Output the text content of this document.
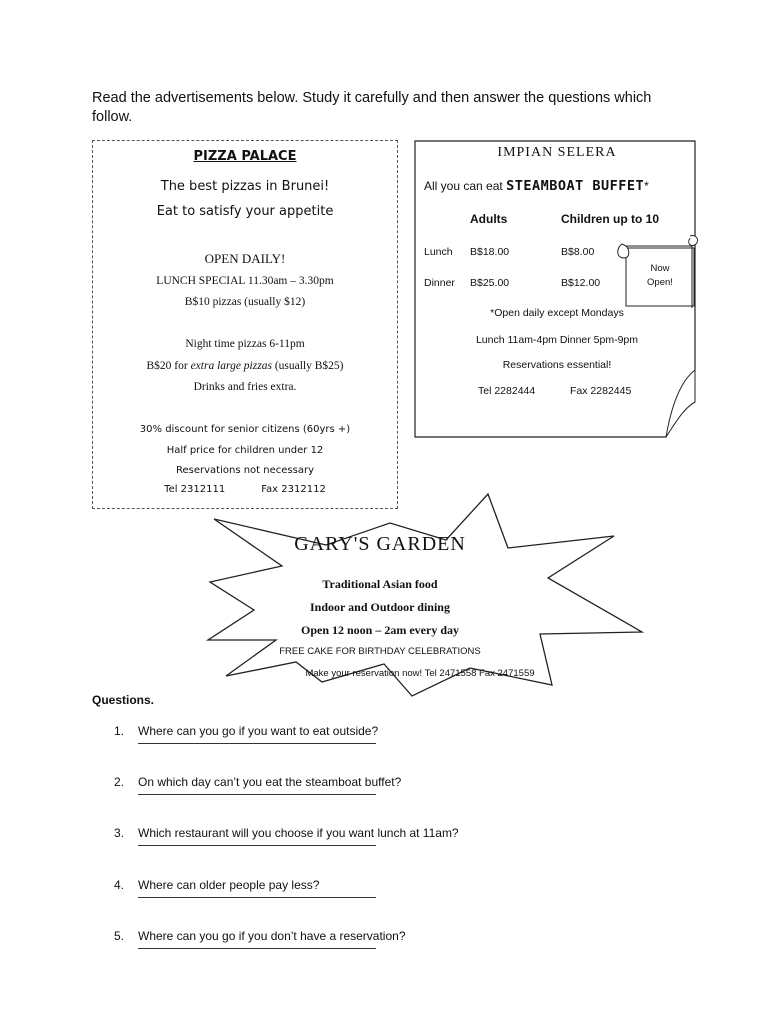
Read the advertisements below. Study it carefully and then answer the questions which follow.
PIZZA PALACE
The best pizzas in Brunei!
Eat to satisfy your appetite
OPEN DAILY!
LUNCH SPECIAL 11.30am – 3.30pm
B$10 pizzas (usually $12)
Night time pizzas 6-11pm
B$20 for extra large pizzas (usually B$25)
Drinks and fries extra.
30% discount for senior citizens (60yrs +)
Half price for children under 12
Reservations not necessary
Tel 2312111	Fax 2312112
IMPIAN SELERA
All you can eat STEAMBOAT BUFFET*
Adults	Children up to 10
Lunch B$18.00	B$8.00
Dinner B$25.00	B$12.00
*Open daily except Mondays
Lunch 11am-4pm Dinner 5pm-9pm
Reservations essential!
Tel 2282444	Fax 2282445
Now
Open!
GARY'S GARDEN
Traditional Asian food
Indoor and Outdoor dining
Open 12 noon – 2am every day
FREE CAKE FOR BIRTHDAY CELEBRATIONS
Make your reservation now! Tel 2471558 Fax 2471559
Questions.
1.	Where can you go if you want to eat outside?
2.	On which day can’t you eat the steamboat buffet?
3.	Which restaurant will you choose if you want lunch at 11am?
4.	Where can older people pay less?
5.	Where can you go if you don’t have a reservation?
